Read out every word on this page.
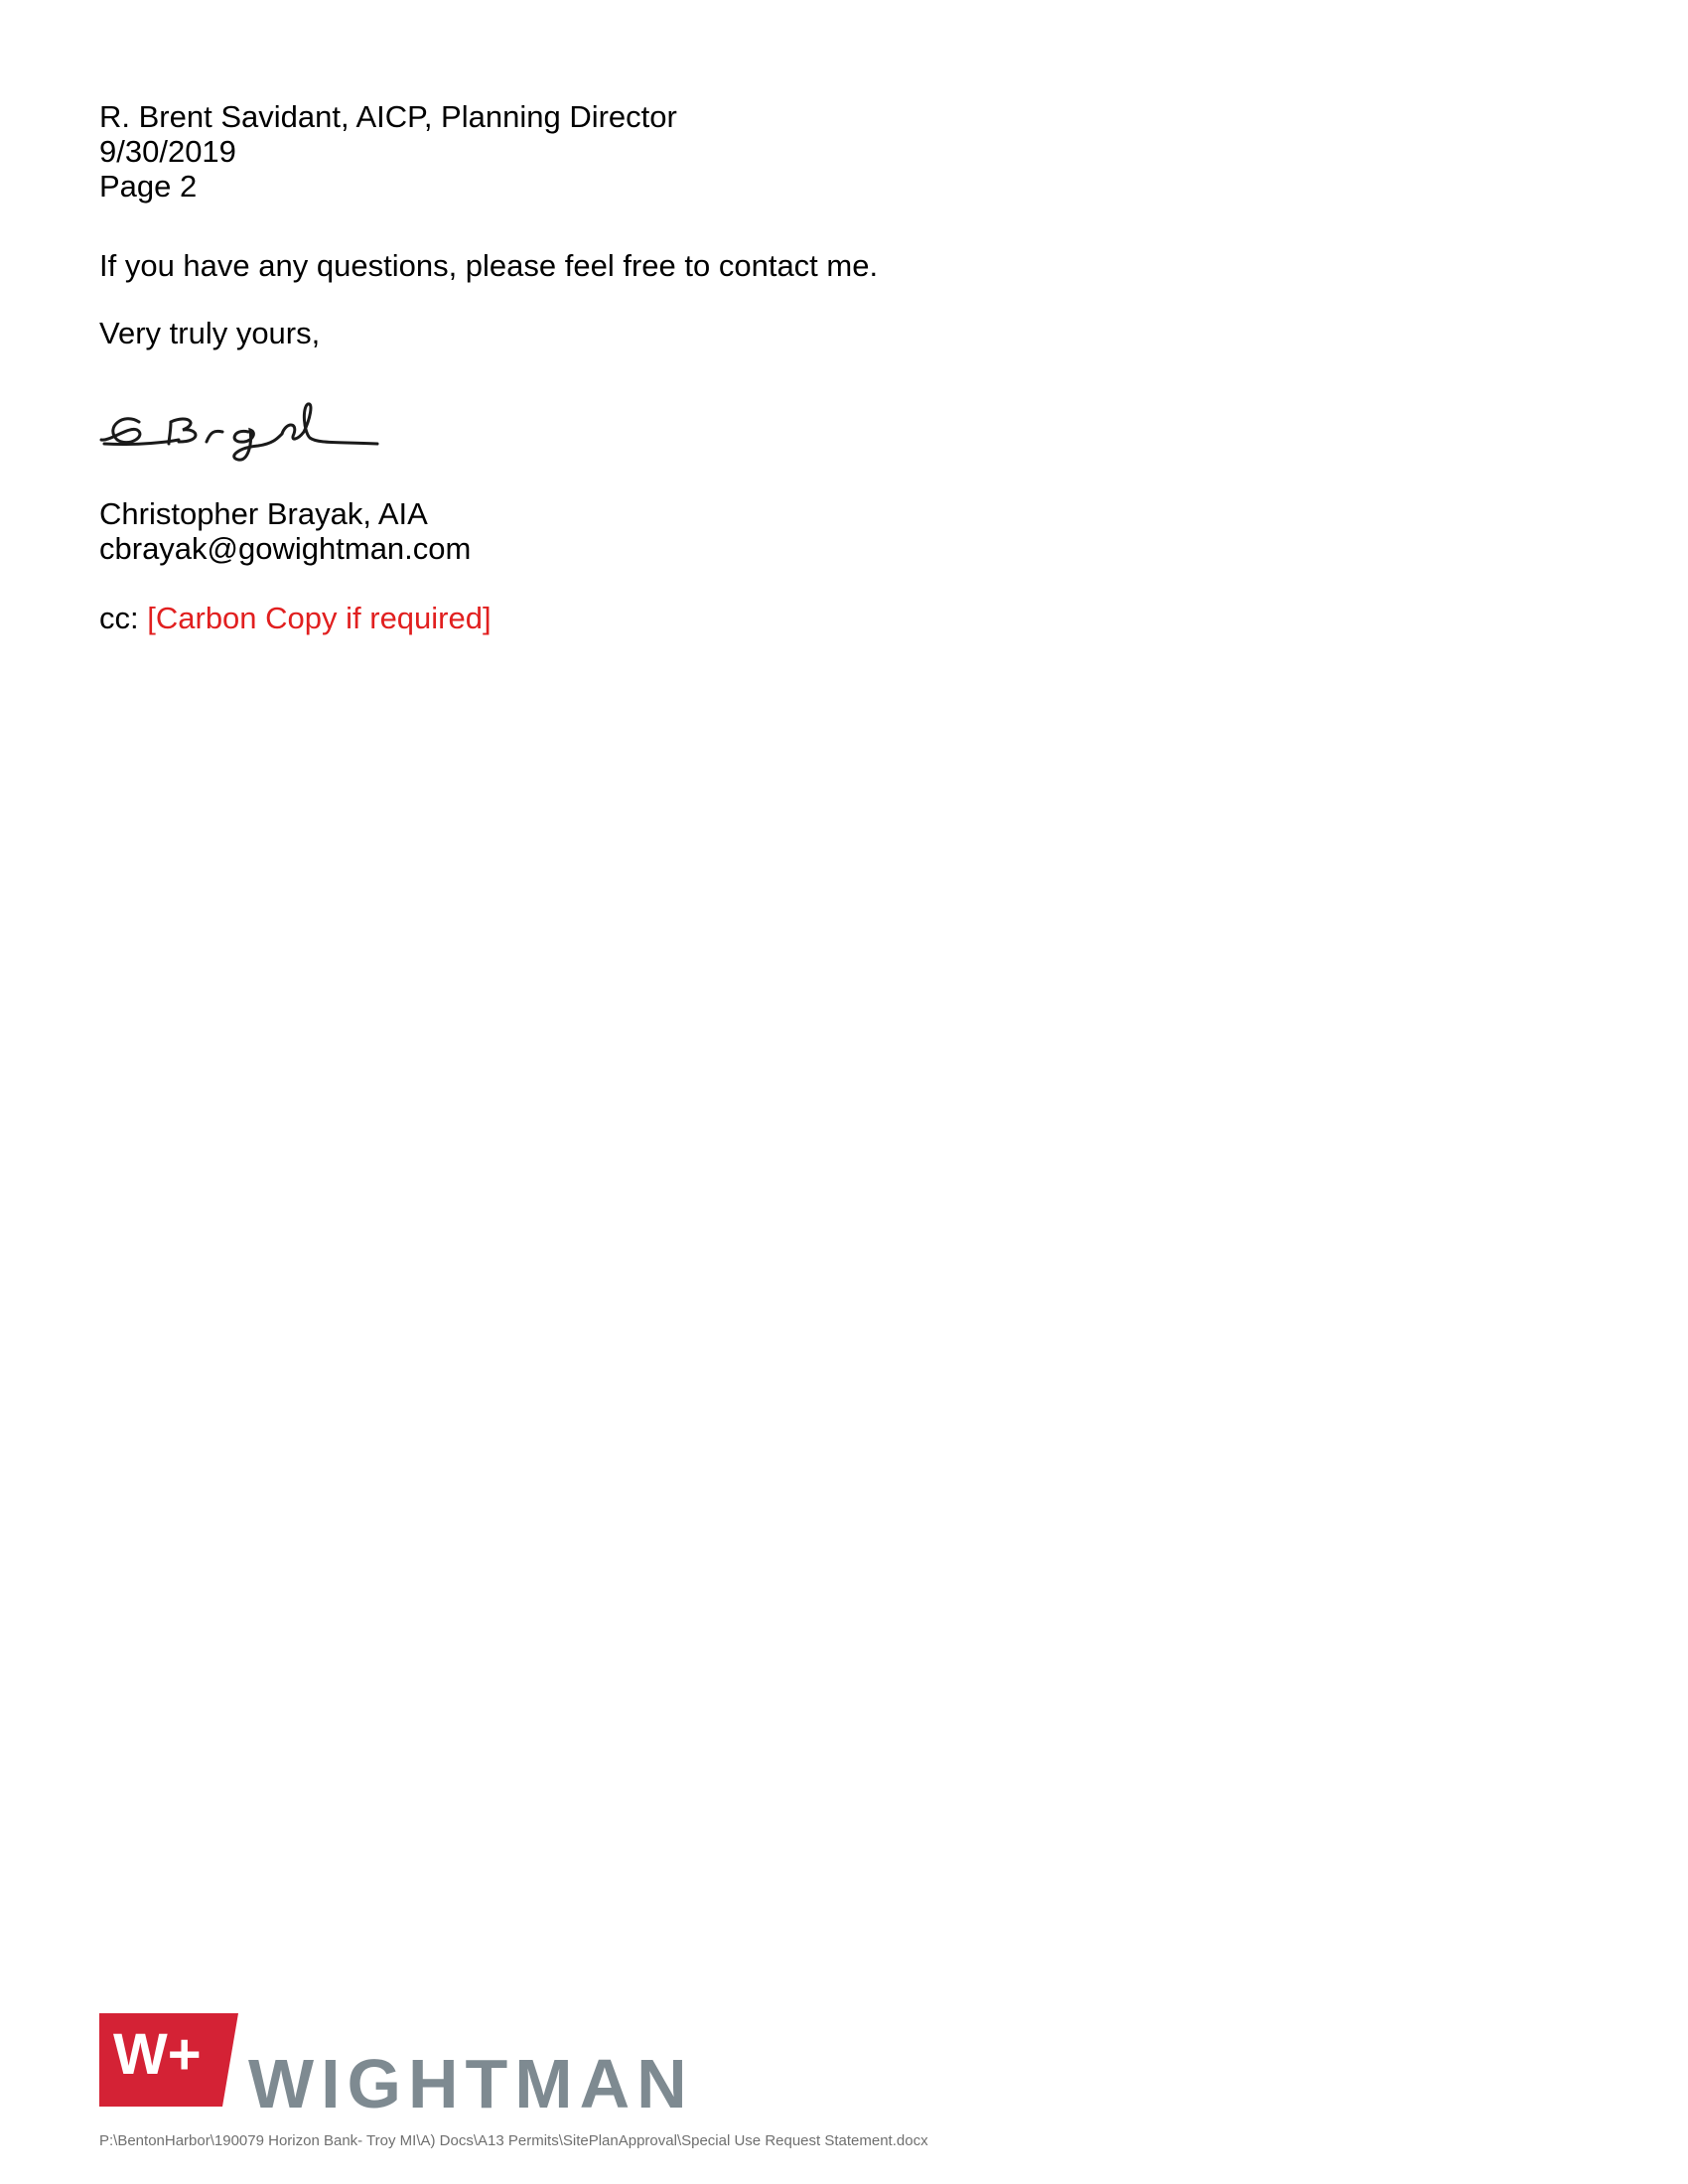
R. Brent Savidant, AICP, Planning Director
9/30/2019
Page 2
If you have any questions, please feel free to contact me.
Very truly yours,
Christopher Brayak, AIA
cbrayak@gowightman.com
cc: [Carbon Copy if required]
W+ WIGHTMAN
P:\BentonHarbor\190079 Horizon Bank- Troy MI\A) Docs\A13 Permits\SitePlanApproval\Special Use Request Statement.docx
